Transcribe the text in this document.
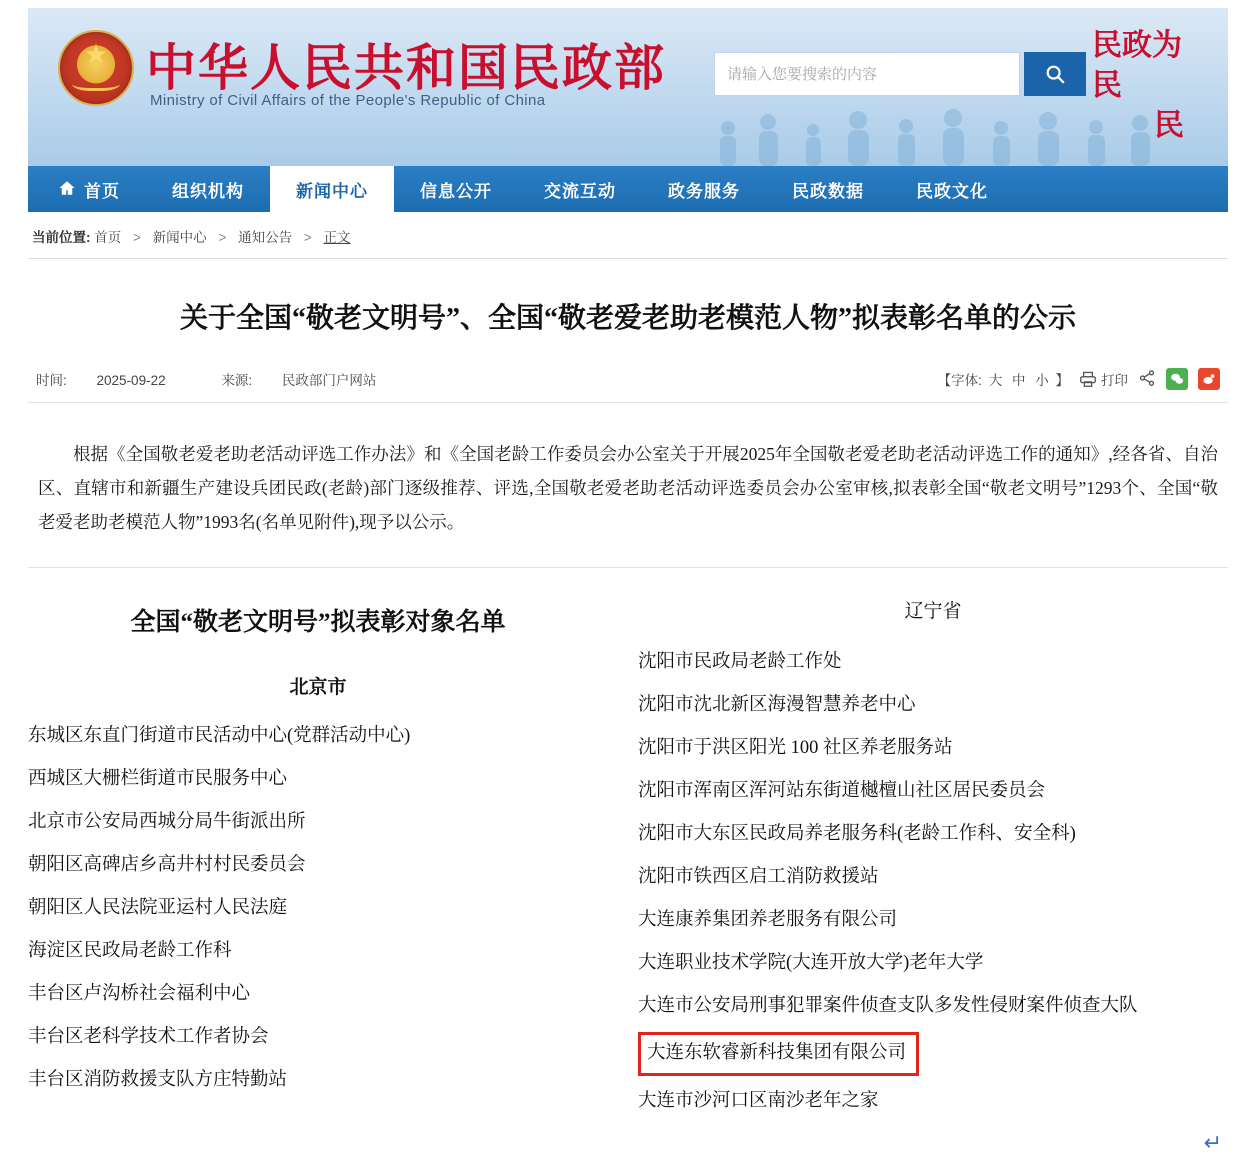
★
中华人民共和国民政部
Ministry of Civil Affairs of the People's Republic of China
请输入您要搜索的内容
民政为民
民
首页	组织机构	新闻中心	信息公开	交流互动	政务服务	民政数据	民政文化
当前位置: 首页 > 新闻中心 > 通知公告 > 正文
关于全国“敬老文明号”、全国“敬老爱老助老模范人物”拟表彰名单的公示
时间: 2025-09-22	来源: 民政部门户网站	【字体: 大 中 小 】 打印

根据《全国敬老爱老助老活动评选工作办法》和《全国老龄工作委员会办公室关于开展2025年全国敬老爱老助老活动评选工作的通知》,经各省、自治区、直辖市和新疆生产建设兵团民政(老龄)部门逐级推荐、评选,全国敬老爱老助老活动评选委员会办公室审核,拟表彰全国“敬老文明号”1293个、全国“敬老爱老助老模范人物”1993名(名单见附件),现予以公示。

全国“敬老文明号”拟表彰对象名单
北京市
东城区东直门街道市民活动中心(党群活动中心)
西城区大栅栏街道市民服务中心
北京市公安局西城分局牛街派出所
朝阳区高碑店乡高井村村民委员会
朝阳区人民法院亚运村人民法庭
海淀区民政局老龄工作科
丰台区卢沟桥社会福利中心
丰台区老科学技术工作者协会
丰台区消防救援支队方庄特勤站
辽宁省
沈阳市民政局老龄工作处
沈阳市沈北新区海漫智慧养老中心
沈阳市于洪区阳光 100 社区养老服务站
沈阳市浑南区浑河站东街道樾檀山社区居民委员会
沈阳市大东区民政局养老服务科(老龄工作科、安全科)
沈阳市铁西区启工消防救援站
大连康养集团养老服务有限公司
大连职业技术学院(大连开放大学)老年大学
大连市公安局刑事犯罪案件侦查支队多发性侵财案件侦查大队
大连东软睿新科技集团有限公司
大连市沙河口区南沙老年之家
↵
